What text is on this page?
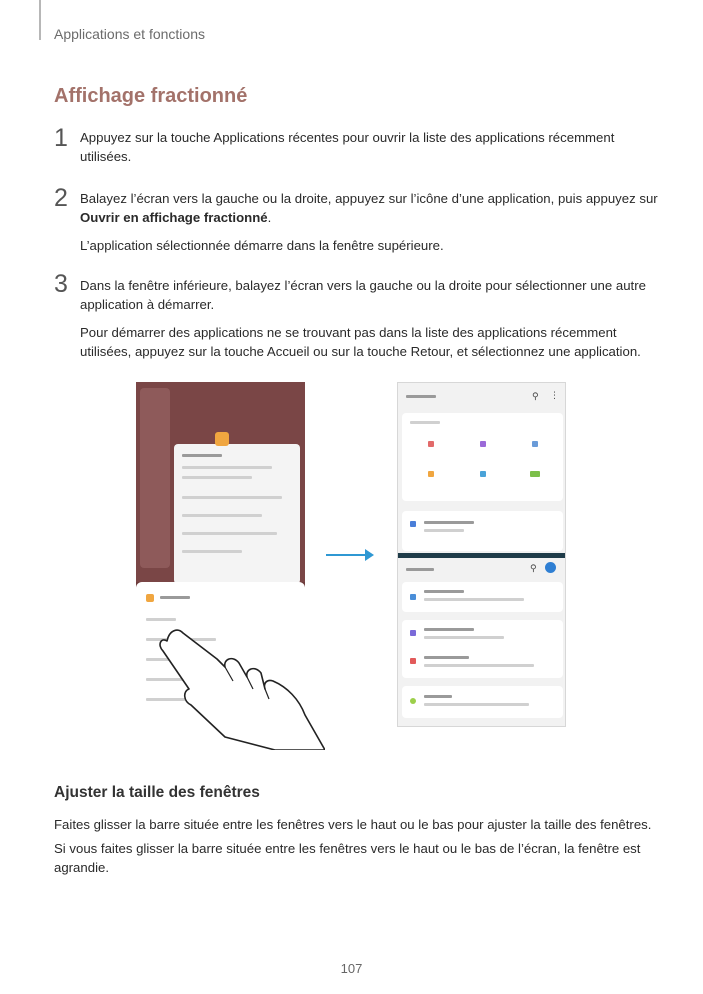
Applications et fonctions
Affichage fractionné
1 Appuyez sur la touche Applications récentes pour ouvrir la liste des applications récemment utilisées.
2 Balayez l’écran vers la gauche ou la droite, appuyez sur l’icône d’une application, puis appuyez sur Ouvrir en affichage fractionné.
L’application sélectionnée démarre dans la fenêtre supérieure.
3 Dans la fenêtre inférieure, balayez l’écran vers la gauche ou la droite pour sélectionner une autre application à démarrer.
Pour démarrer des applications ne se trouvant pas dans la liste des applications récemment utilisées, appuyez sur la touche Accueil ou sur la touche Retour, et sélectionnez une application.
⚲ ⋮
⚲
Ajuster la taille des fenêtres
Faites glisser la barre située entre les fenêtres vers le haut ou le bas pour ajuster la taille des fenêtres.
Si vous faites glisser la barre située entre les fenêtres vers le haut ou le bas de l’écran, la fenêtre est agrandie.
107
